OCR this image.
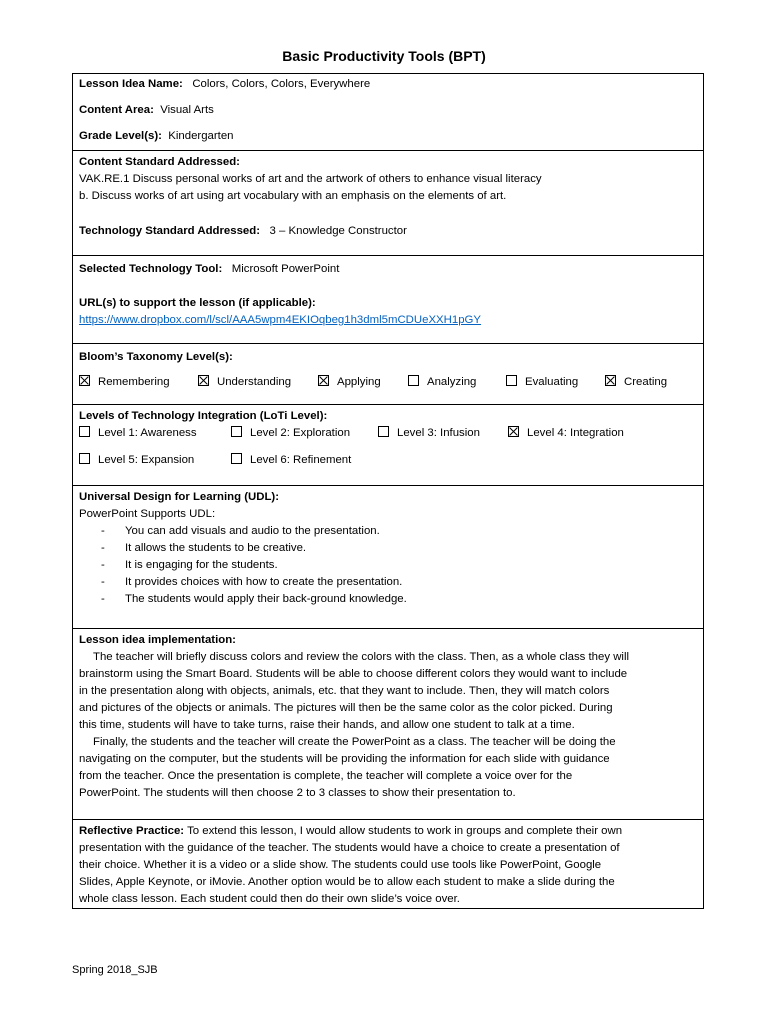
Basic Productivity Tools (BPT)
Lesson Idea Name: Colors, Colors, Colors, Everywhere
Content Area: Visual Arts
Grade Level(s): Kindergarten
Content Standard Addressed:
VAK.RE.1 Discuss personal works of art and the artwork of others to enhance visual literacy
b. Discuss works of art using art vocabulary with an emphasis on the elements of art.
Technology Standard Addressed: 3 – Knowledge Constructor
Selected Technology Tool: Microsoft PowerPoint
URL(s) to support the lesson (if applicable):
https://www.dropbox.com/l/scl/AAA5wpm4EKIOqbeg1h3dml5mCDUeXXH1pGY
Bloom’s Taxonomy Level(s):
Remembering	Understanding	Applying	Analyzing	Evaluating	Creating
Levels of Technology Integration (LoTi Level):
Level 1: Awareness	Level 2: Exploration	Level 3: Infusion	Level 4: Integration
Level 5: Expansion	Level 6: Refinement
Universal Design for Learning (UDL):
PowerPoint Supports UDL:
- You can add visuals and audio to the presentation.
- It allows the students to be creative.
- It is engaging for the students.
- It provides choices with how to create the presentation.
- The students would apply their back-ground knowledge.
Lesson idea implementation:
The teacher will briefly discuss colors and review the colors with the class. Then, as a whole class they will
brainstorm using the Smart Board. Students will be able to choose different colors they would want to include
in the presentation along with objects, animals, etc. that they want to include. Then, they will match colors
and pictures of the objects or animals. The pictures will then be the same color as the color picked. During
this time, students will have to take turns, raise their hands, and allow one student to talk at a time.
Finally, the students and the teacher will create the PowerPoint as a class. The teacher will be doing the
navigating on the computer, but the students will be providing the information for each slide with guidance
from the teacher. Once the presentation is complete, the teacher will complete a voice over for the
PowerPoint. The students will then choose 2 to 3 classes to show their presentation to.
Reflective Practice: To extend this lesson, I would allow students to work in groups and complete their own
presentation with the guidance of the teacher. The students would have a choice to create a presentation of
their choice. Whether it is a video or a slide show. The students could use tools like PowerPoint, Google
Slides, Apple Keynote, or iMovie. Another option would be to allow each student to make a slide during the
whole class lesson. Each student could then do their own slide’s voice over.
Spring 2018_SJB
